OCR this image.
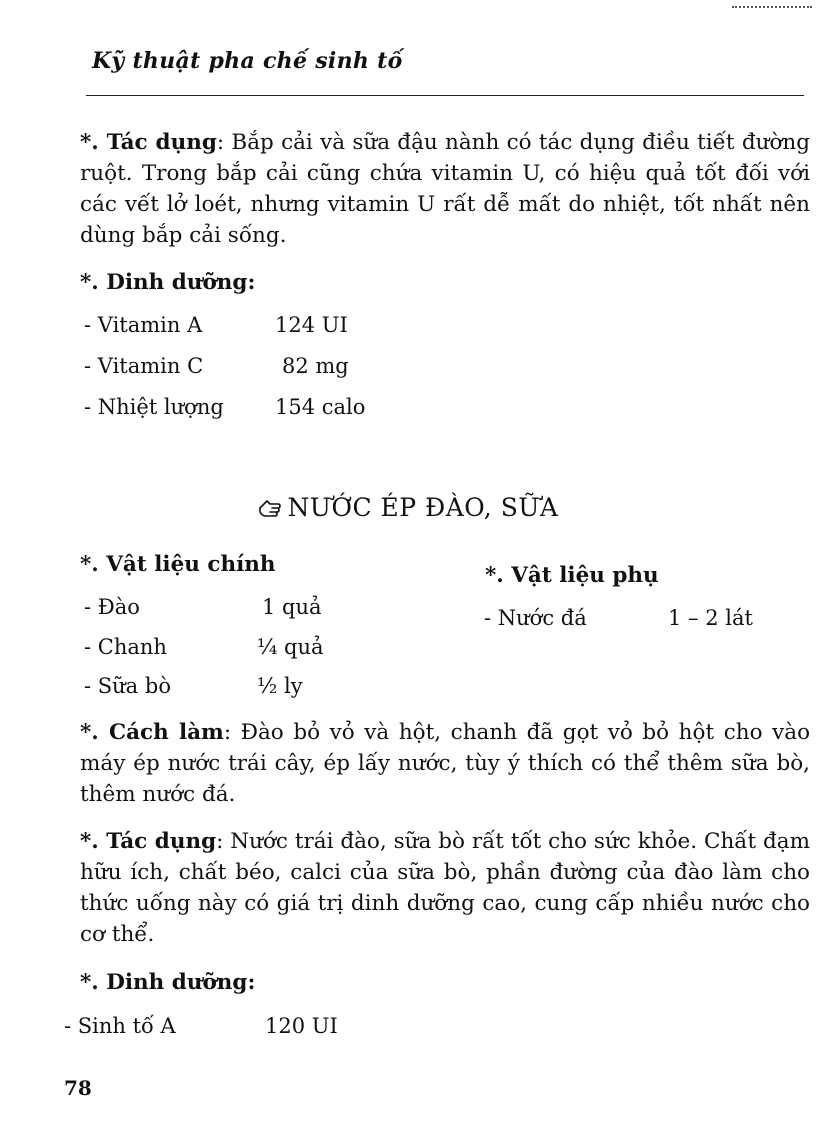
Kỹ thuật pha chế sinh tố

*. Tác dụng: Bắp cải và sữa đậu nành có tác dụng điều tiết đường ruột. Trong bắp cải cũng chứa vitamin U, có hiệu quả tốt đối với các vết lở loét, nhưng vitamin U rất dễ mất do nhiệt, tốt nhất nên dùng bắp cải sống.

*. Dinh dưỡng:
- Vitamin A	124 UI
- Vitamin C	82 mg
- Nhiệt lượng 154 calo
NƯỚC ÉP ĐÀO, SỮA
*. Vật liệu chính
- Đào	1 quả
- Chanh	¼ quả
- Sữa bò	½ ly
*. Vật liệu phụ
- Nước đá	1 – 2 lát

*. Cách làm: Đào bỏ vỏ và hột, chanh đã gọt vỏ bỏ hột cho vào máy ép nước trái cây, ép lấy nước, tùy ý thích có thể thêm sữa bò, thêm nước đá.

*. Tác dụng: Nước trái đào, sữa bò rất tốt cho sức khỏe. Chất đạm hữu ích, chất béo, calci của sữa bò, phần đường của đào làm cho thức uống này có giá trị dinh dưỡng cao, cung cấp nhiều nước cho cơ thể.

*. Dinh dưỡng:
- Sinh tố A	120 UI
78
